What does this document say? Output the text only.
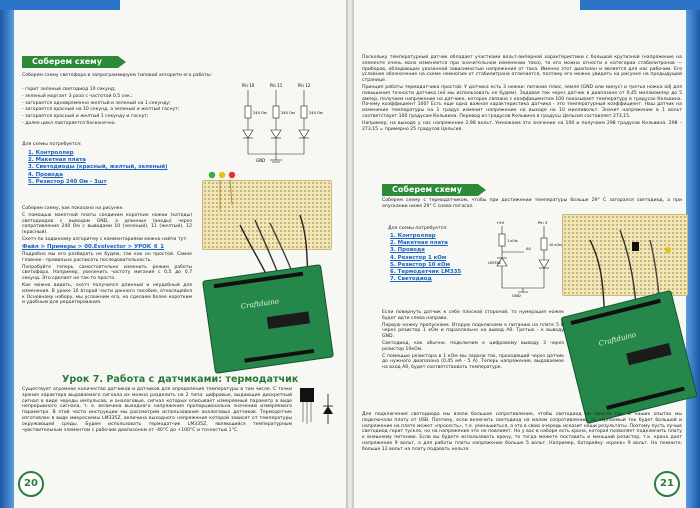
Соберем схему

Соберем схему светофора и запрограммируем типовой алгоритм его работы:

- горит зеленый светодиод 10 секунд;

- зеленый моргает 3 раза с частотой 0,5 сек.;

- загорается одновременно желтый и зеленый на 1 секунду;

- загорается красный на 10 секунд, а зеленый и желтый гаснут;

- загорается красный и желтый 1 секунду и гаснут;

- далее цикл повторяется бесконечно.

Pin 10	Pin 11	Pin 12
240 Ом	240 Ом	240 Ом
GND

Для схемы потребуется:

1. Контроллер
2. Макетная плата
3. Светодиоды (красный, желтый, зеленый)
4. Провода
5. Резистор 240 Ом - 3шт
Craftduino

Соберем схему, как показано на рисунке.

С помощью макетной платы соединим короткие ножки (катоды) светодиодов с выводом GND, а длинные (аноды) через сопротивления 240 Ом с выводами 10 (зеленый), 11 (желтый), 12 (красный).

Скетч по заданному алгоритму с комментариями можно найти тут:

Файл > Примеры > 00.Evolvector > УРОК_6_1

Подробно мы его разбирать не будем, так как он простой. Самое главное - правильно расписать последовательность.

Попробуйте теперь самостоятельно изменить режим работы светофора. Например, увеличить частоту мигания с 0,5 до 0,7 секунд. Это сделает не так-то просто.

Как можно видеть, скетч получился длинный и неудобный для изменения. В уроке 16 второй части данного пособия, относящейся к Основному набору, мы усложним его, но сделаем более коротким и удобным для редактирования.

Урок 7. Работа с датчиками: термодатчик

Существует огромное количество датчиков и датчиков для определения температуры в том числе. С точки зрения характера выдаваемого сигнала их можно разделить на 2 типа: цифровые, выдающие дискретный сигнал в виде череды импульсов, и аналоговые, сигнал которых описывает измеряемый параметр в виде непрерывного сигнала, т. е. величина выходного напряжения пропорциональна значению измеряемого параметра. В этой части инструкции мы рассмотрим использование аналоговых датчиков. Термодатчик изготовлен в виде микросхемы LM335Z, величина выходного напряжения которой зависит от температуры окружающей среды. Будем использовать термодатчик LM335Z, являющийся температурным чувствительным элементом с рабочим диапазоном от -40°С до +100°С и точностью 1°С.

20

Поскольку температурный датчик обладает участками вольт-амперной характеристики с большой крутизной (напряжение на элементе очень мало изменяется при значительном изменении тока), то его можно отнести к категории стабилитронов — приборов, обладающих указанной зависимостью напряжения от тока. Именно этот диапазон и является для нас рабочим. Его условное обозначение на схеме немногим от стабилитрона отличается, поэтому его можно увидеть на рисунке на предыдущей странице.

Принцип работы термодатчика простой. У датчика есть 3 ножки: питание плюс, земля (GND или минус) и третья ножка adj для повышения точности датчика (её мы использовать не будем). Задавая ток через датчик в диапазоне от 0,45 миллиампер до 5 ампер, получаем напряжение на датчике, которое связано с коэффициентом 100 показывает температуру в градусах Кельвина. Почему коэффициент 100? Есть еще одна важная характеристика датчика - это температурный коэффициент. Наш датчик на изменение температуры на 1 градус изменит напряжение на выходе на 10 милливольт. Значит напряжение в 1 вольт соответствует 100 градусам Кельвина. Перевод из градусов Кельвина в градусы Цельсия составляет 273,15.

Например, на выходе у нас напряжение 2,98 вольт. Умножаем это значение на 100 и получаем 298 градусов Кельвина. 298 – 273,15 = примерно 25 градусов Цельсия.

Соберем схему

Соберем схему с термодатчиком, чтобы при достижении температуры больше 29° С загорался светодиод, а при опускании ниже 29° С снова погасал.

Для схемы потребуется:

1. Контроллер
2. Макетная плата
3. Провода
4. Резистор 1 кОм
5. Резистор 10 кОм
6. Термодатчик LM335
7. Светодиод
+5V	Pin 3
1 кОм
10 кОм
LM335Z
A0
GND
Craftduino

Если повернуть датчик к себе плоской стороной, то нумерация ножек будет идти слева направо.

Первую ножку пропускаем. Вторую подключаем к питанию на плате 5 В через резистор 1 кОм и параллельно на вывод А0. Третью - к выводу GND.

Светодиод, как обычно, подключим к цифровому выводу 3 через резистор 10кОм.

С помощью резистора в 1 кОм мы задали ток, проходящий через датчик до нужного диапазона (0,45 мА - 5 А). Теперь напряжение, выдаваемое на вход А0, будет соответствовать температуре.

Для подключения светодиода мы взяли большое сопротивление, чтобы светодиод не просто так. В наших опытах мы подключали плату от USB. Поэтому, если включить светодиод на малом сопротивлении, то черпаемый ток будет большой и напряжение на плате может «просесть», т.е. уменьшиться, а это в свою очередь исказит наши результаты. Поэтому пусть лучше светодиод горит тускло, но на напряжение это не повлияет. Но у вас в наборе есть крона, которая позволяет подключить плату к внешнему питанию. Если вы будете использовать крону, то тогда можете поставить и меньший резистор, т.к. крона дает напряжение 9 вольт, а для работы платы напряжение больше 5 вольт. Например, батарейку «крона» 9 вольт. Но помните, больше 12 вольт на плату подавать нельзя.

21
